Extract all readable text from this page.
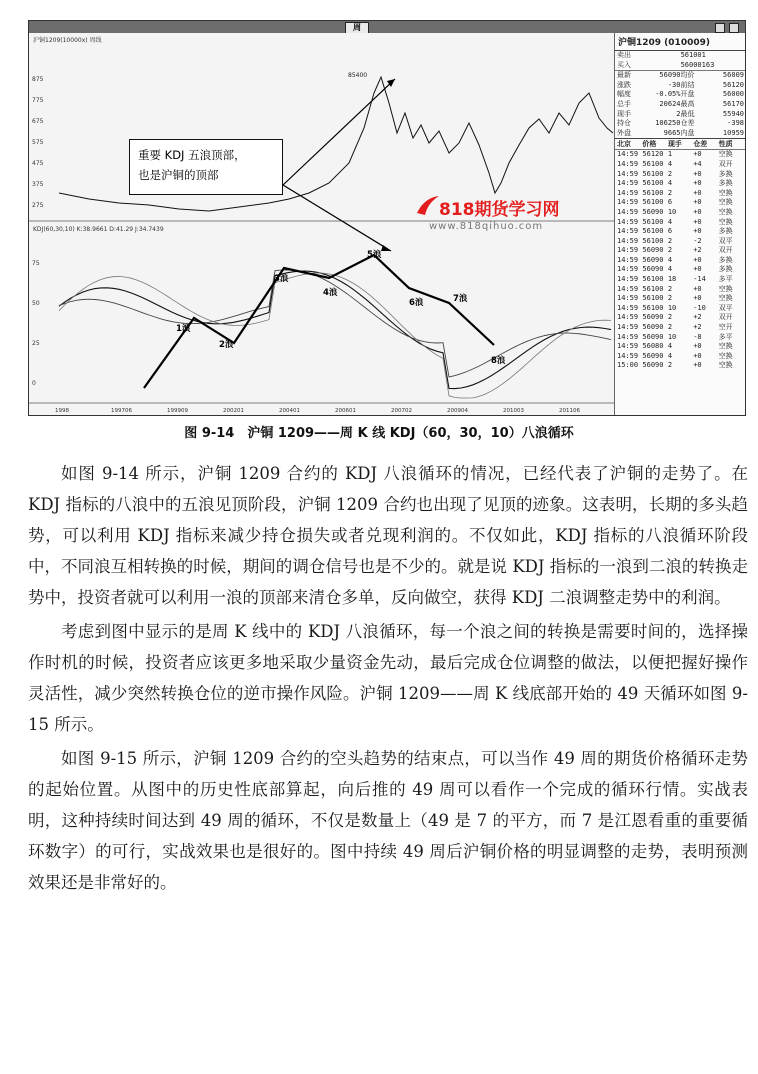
周
沪铜1209(10000x) 周线
875
775
675
575
475
375
275
85400
KDJ(60,30,10) K:38.9661 D:41.29 J:34.7439
75
50
25
0
1浪
2浪
3浪
4浪
5浪
6浪	7浪
8浪
1998	199706	199909	200201	200401	200601	200702	200904	201003	201106
重要 KDJ 五浪顶部，
也是沪铜的顶部
818期货学习网
www.818qihuo.com
沪铜1209 (010009)
卖出	56100 1
买入	56000 163
最新	56090 均价	56009
涨跌	-30 前结	56120
幅度	-0.05% 开盘	56000
总手	20624 最高	56170
现手	2 最低	55940
持仓	106250 仓差	-398
外盘	9665 内盘	10959
北京	价格	现手	仓差	性质
14:59 56120 1	+0	空换
14:59 56100 4	+4	双开
14:59 56100 2	+0	多换
14:59 56100 4	+0	多换
14:59 56100 2	+0	空换
14:59 56100 6	+0	空换
14:59 56090 10	+0	空换
14:59 56100 4	+0	空换
14:59 56100 6	+0	多换
14:59 56100 2	-2	双平
14:59 56090 2	+2	双开
14:59 56090 4	+0	多换
14:59 56090 4	+0	多换
14:59 56100 18	-14	多平
14:59 56100 2	+0	空换
14:59 56100 2	+0	空换
14:59 56100 10	-10	双平
14:59 56090 2	+2	双开
14:59 56090 2	+2	空开
14:59 56090 10	-8	多平
14:59 56080 4	+0	空换
14:59 56090 4	+0	空换
15:00 56090 2	+0	空换
图 9-14　沪铜 1209——周 K 线 KDJ（60，30，10）八浪循环

如图 9-14 所示，沪铜 1209 合约的 KDJ 八浪循环的情况，已经代表了沪铜的走势了。在 KDJ 指标的八浪中的五浪见顶阶段，沪铜 1209 合约也出现了见顶的迹象。这表明，长期的多头趋势，可以利用 KDJ 指标来减少持仓损失或者兑现利润的。不仅如此，KDJ 指标的八浪循环阶段中，不同浪互相转换的时候，期间的调仓信号也是不少的。就是说 KDJ 指标的一浪到二浪的转换走势中，投资者就可以利用一浪的顶部来清仓多单，反向做空，获得 KDJ 二浪调整走势中的利润。

考虑到图中显示的是周 K 线中的 KDJ 八浪循环，每一个浪之间的转换是需要时间的，选择操作时机的时候，投资者应该更多地采取少量资金先动，最后完成仓位调整的做法，以便把握好操作灵活性，减少突然转换仓位的逆市操作风险。沪铜 1209——周 K 线底部开始的 49 天循环如图 9-15 所示。

如图 9-15 所示，沪铜 1209 合约的空头趋势的结束点，可以当作 49 周的期货价格循环走势的起始位置。从图中的历史性底部算起，向后推的 49 周可以看作一个完成的循环行情。实战表明，这种持续时间达到 49 周的循环，不仅是数量上（49 是 7 的平方，而 7 是江恩看重的重要循环数字）的可行，实战效果也是很好的。图中持续 49 周后沪铜价格的明显调整的走势，表明预测效果还是非常好的。
